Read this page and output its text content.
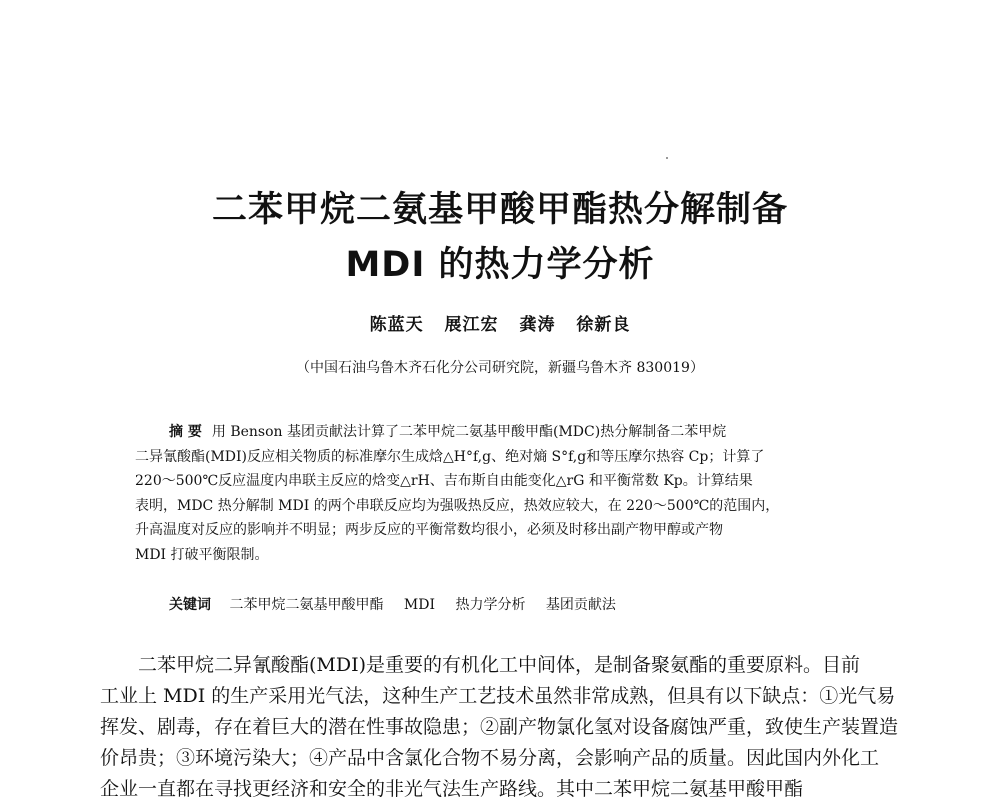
二苯甲烷二氨基甲酸甲酯热分解制备
MDI 的热力学分析
陈蓝天 展江宏 龚涛 徐新良
（中国石油乌鲁木齐石化分公司研究院，新疆乌鲁木齐 830019）
摘 要 用 Benson 基团贡献法计算了二苯甲烷二氨基甲酸甲酯(MDC)热分解制备二苯甲烷
二异氰酸酯(MDI)反应相关物质的标准摩尔生成焓△H°f,g、绝对熵 S°f,g和等压摩尔热容 Cp；计算了
220～500℃反应温度内串联主反应的焓变△rH、吉布斯自由能变化△rG 和平衡常数 Kp。计算结果
表明，MDC 热分解制 MDI 的两个串联反应均为强吸热反应，热效应较大，在 220～500℃的范围内，
升高温度对反应的影响并不明显；两步反应的平衡常数均很小，必须及时移出副产物甲醇或产物
MDI 打破平衡限制。
关键词 二苯甲烷二氨基甲酸甲酯 MDI 热力学分析 基团贡献法
二苯甲烷二异氰酸酯(MDI)是重要的有机化工中间体，是制备聚氨酯的重要原料。目前
工业上 MDI 的生产采用光气法，这种生产工艺技术虽然非常成熟，但具有以下缺点：①光气易
挥发、剧毒，存在着巨大的潜在性事故隐患；②副产物氯化氢对设备腐蚀严重，致使生产装置造
价昂贵；③环境污染大；④产品中含氯化合物不易分离，会影响产品的质量。因此国内外化工
企业一直都在寻找更经济和安全的非光气法生产路线。其中二苯甲烷二氨基甲酸甲酯
